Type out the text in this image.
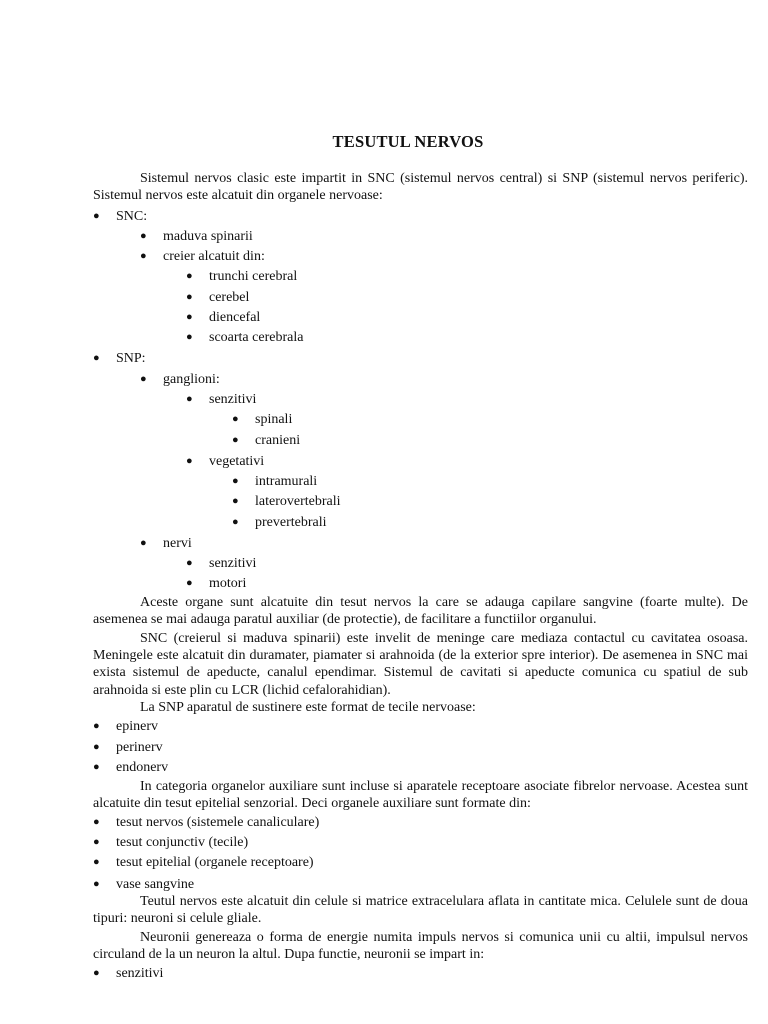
TESUTUL NERVOS

Sistemul nervos clasic este impartit in SNC (sistemul nervos central) si SNP (sistemul nervos periferic). Sistemul nervos este alcatuit din organele nervoase:

● SNC:
● maduva spinarii
● creier alcatuit din:
● trunchi cerebral
● cerebel
● diencefal
● scoarta cerebrala
● SNP:
● ganglioni:
● senzitivi
● spinali
● cranieni
● vegetativi
● intramurali
● laterovertebrali
● prevertebrali
● nervi
● senzitivi
● motori

Aceste organe sunt alcatuite din tesut nervos la care se adauga capilare sangvine (foarte multe). De asemenea se mai adauga paratul auxiliar (de protectie), de facilitare a functiilor organului.

SNC (creierul si maduva spinarii) este invelit de meninge care mediaza contactul cu cavitatea osoasa. Meningele este alcatuit din duramater, piamater si arahnoida (de la exterior spre interior). De asemenea in SNC mai exista sistemul de apeducte, canalul ependimar. Sistemul de cavitati si apeducte comunica cu spatiul de sub arahnoida si este plin cu LCR (lichid cefalorahidian).

La SNP aparatul de sustinere este format de tecile nervoase:

● epinerv
● perinerv
● endonerv

In categoria organelor auxiliare sunt incluse si aparatele receptoare asociate fibrelor nervoase. Acestea sunt alcatuite din tesut epitelial senzorial. Deci organele auxiliare sunt formate din:

● tesut nervos (sistemele canaliculare)
● tesut conjunctiv (tecile)
● tesut epitelial (organele receptoare)
● vase sangvine

Teutul nervos este alcatuit din celule si matrice extracelulara aflata in cantitate mica. Celulele sunt de doua tipuri: neuroni si celule gliale.

Neuronii genereaza o forma de energie numita impuls nervos si comunica unii cu altii, impulsul nervos circuland de la un neuron la altul. Dupa functie, neuronii se impart in:

● senzitivi
